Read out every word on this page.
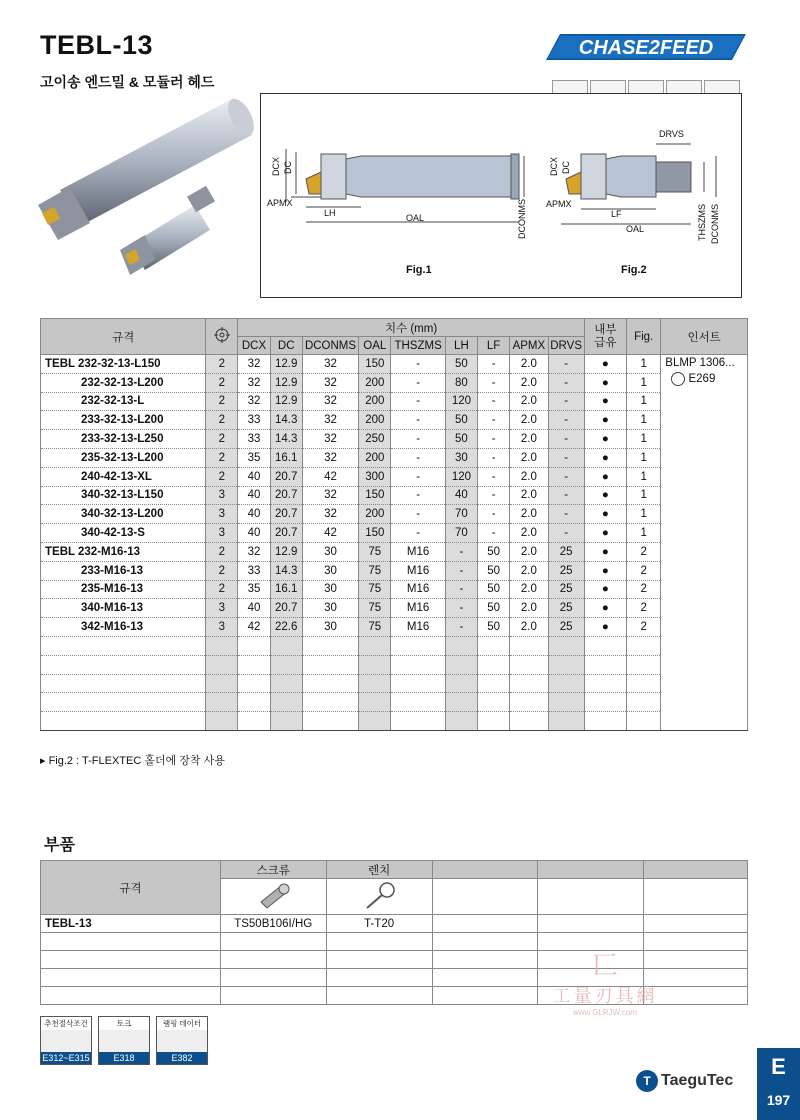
TEBL-13
고이송 엔드밀 & 모듈러 헤드
CHASE2FEED
DCX DC
APMX
LH	OAL	DCONMS
Fig.1
DCX DC
APMX
LF
OAL
DRVS
THSZMS DCONMS
Fig.2
규격		치수 (mm)									내부
급유	Fig.	인서트
		DCX	DC	DCONMS	OAL	THSZMS	LH	LF	APMX	DRVS			
TEBL 232-32-13-L150	2	32	12.9	32	150	-	50	-	2.0	-	●	1	BLMP 1306...
E269

232-32-13-L200	2	32	12.9	32	200	-	80	-	2.0	-	●	1	
232-32-13-L	2	32	12.9	32	200	-	120	-	2.0	-	●	1	
233-32-13-L200	2	33	14.3	32	200	-	50	-	2.0	-	●	1	
233-32-13-L250	2	33	14.3	32	250	-	50	-	2.0	-	●	1	
235-32-13-L200	2	35	16.1	32	200	-	30	-	2.0	-	●	1	
240-42-13-XL	2	40	20.7	42	300	-	120	-	2.0	-	●	1	
340-32-13-L150	3	40	20.7	32	150	-	40	-	2.0	-	●	1	
340-32-13-L200	3	40	20.7	32	200	-	70	-	2.0	-	●	1	
340-42-13-S	3	40	20.7	42	150	-	70	-	2.0	-	●	1	
TEBL 232-M16-13	2	32	12.9	30	75	M16	-	50	2.0	25	●	2	
233-M16-13	2	33	14.3	30	75	M16	-	50	2.0	25	●	2	
235-M16-13	2	35	16.1	30	75	M16	-	50	2.0	25	●	2	
340-M16-13	3	40	20.7	30	75	M16	-	50	2.0	25	●	2	
342-M16-13	3	42	22.6	30	75	M16	-	50	2.0	25	●	2	

▸ Fig.2 : T-FLEXTEC 홀더에 장착 사용
부품
규격	스크류	렌치			

TEBL-13	TS50B106I/HG	T-T20			

匸
工量刃具網
www.GLRJW.com
추천절삭조건
E312~E315
토크
E318
램핑 데이터
E382
T TaeguTec
E
197
